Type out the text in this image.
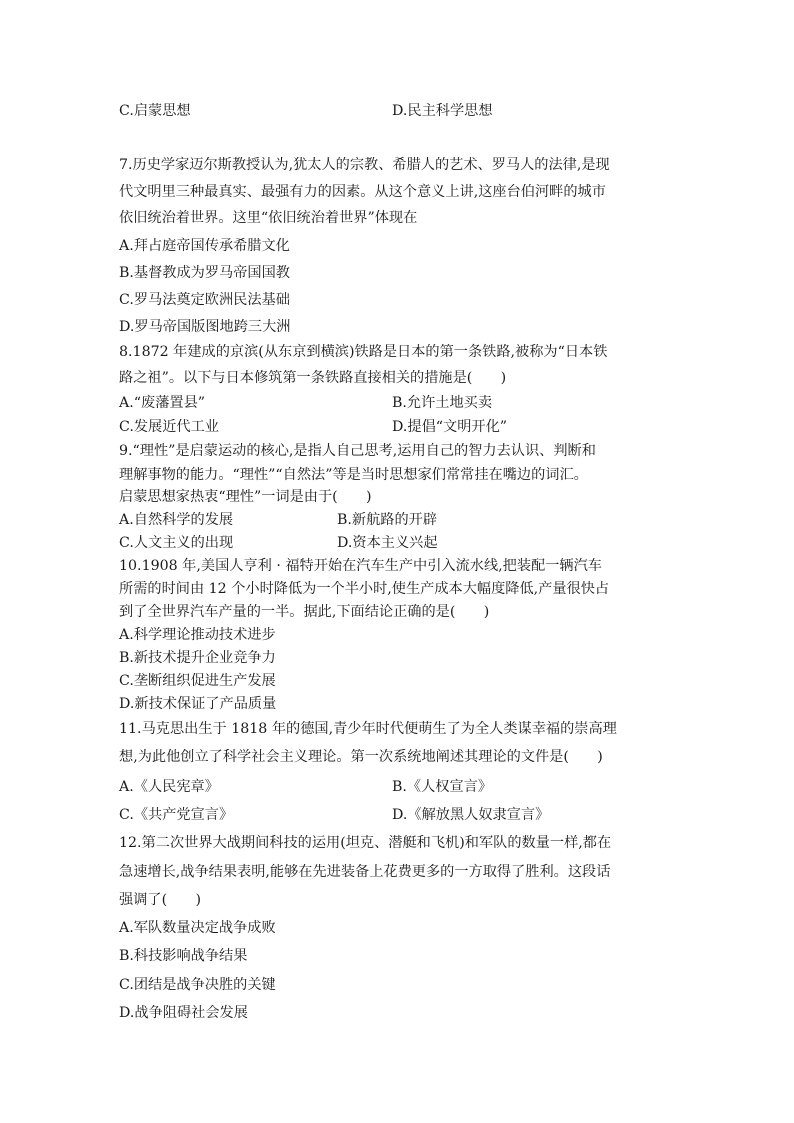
C.启蒙思想	D.民主科学思想
7.历史学家迈尔斯教授认为,犹太人的宗教、希腊人的艺术、罗马人的法律,是现
代文明里三种最真实、最强有力的因素。从这个意义上讲,这座台伯河畔的城市
依旧统治着世界。这里“依旧统治着世界”体现在
A.拜占庭帝国传承希腊文化
B.基督教成为罗马帝国国教
C.罗马法奠定欧洲民法基础
D.罗马帝国版图地跨三大洲
8.1872 年建成的京滨(从东京到横滨)铁路是日本的第一条铁路,被称为“日本铁
路之祖”。以下与日本修筑第一条铁路直接相关的措施是(　　)
A.“废藩置县”	B.允许土地买卖
C.发展近代工业	D.提倡“文明开化”
9.“理性”是启蒙运动的核心,是指人自己思考,运用自己的智力去认识、判断和
理解事物的能力。“理性”“自然法”等是当时思想家们常常挂在嘴边的词汇。
启蒙思想家热衷“理性”一词是由于(　　)
A.自然科学的发展	B.新航路的开辟
C.人文主义的出现	D.资本主义兴起
10.1908 年,美国人亨利 · 福特开始在汽车生产中引入流水线,把装配一辆汽车
所需的时间由 12 个小时降低为一个半小时,使生产成本大幅度降低,产量很快占
到了全世界汽车产量的一半。据此,下面结论正确的是(　　)
A.科学理论推动技术进步
B.新技术提升企业竞争力
C.垄断组织促进生产发展
D.新技术保证了产品质量
11.马克思出生于 1818 年的德国,青少年时代便萌生了为全人类谋幸福的崇高理
想,为此他创立了科学社会主义理论。第一次系统地阐述其理论的文件是(　　)
A.《人民宪章》	B.《人权宣言》
C.《共产党宣言》	D.《解放黑人奴隶宣言》
12.第二次世界大战期间科技的运用(坦克、潜艇和飞机)和军队的数量一样,都在
急速增长,战争结果表明,能够在先进装备上花费更多的一方取得了胜利。这段话
强调了(　　)
A.军队数量决定战争成败
B.科技影响战争结果
C.团结是战争决胜的关键
D.战争阻碍社会发展
